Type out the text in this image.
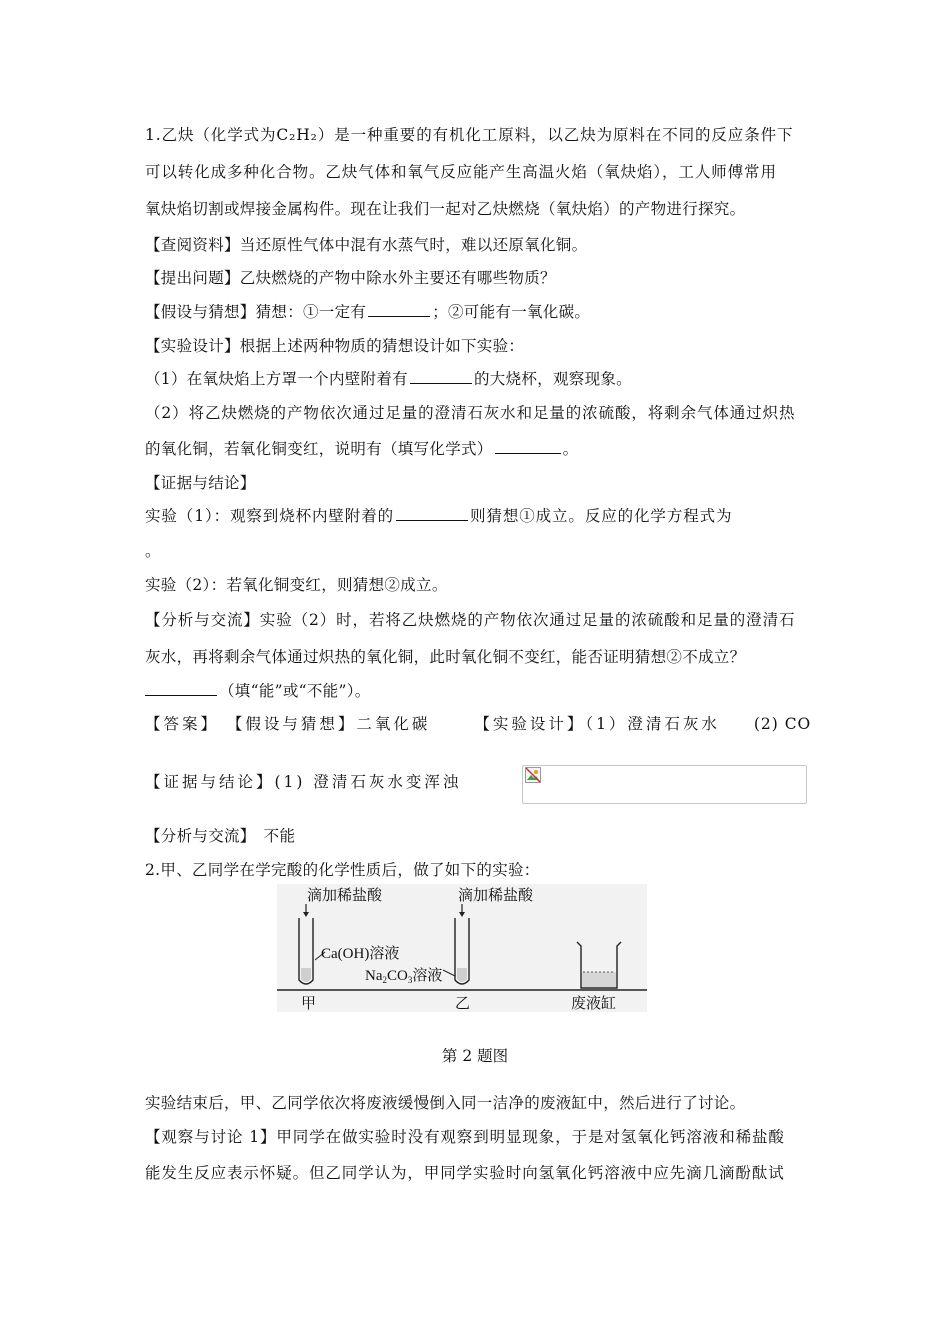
1.乙炔（化学式为C₂H₂）是一种重要的有机化工原料，以乙炔为原料在不同的反应条件下
可以转化成多种化合物。乙炔气体和氧气反应能产生高温火焰（氧炔焰），工人师傅常用
氧炔焰切割或焊接金属构件。现在让我们一起对乙炔燃烧（氧炔焰）的产物进行探究。
【查阅资料】当还原性气体中混有水蒸气时，难以还原氧化铜。
【提出问题】乙炔燃烧的产物中除水外主要还有哪些物质？
【假设与猜想】猜想：①一定有	；②可能有一氧化碳。
【实验设计】根据上述两种物质的猜想设计如下实验：
（1）在氧炔焰上方罩一个内壁附着有	的大烧杯，观察现象。
（2）将乙炔燃烧的产物依次通过足量的澄清石灰水和足量的浓硫酸，将剩余气体通过炽热
的氧化铜，若氧化铜变红，说明有（填写化学式）	。
【证据与结论】
实验（1）：观察到烧杯内壁附着的	则猜想①成立。反应的化学方程式为
。
实验（2）：若氧化铜变红，则猜想②成立。
【分析与交流】实验（2）时，若将乙炔燃烧的产物依次通过足量的浓硫酸和足量的澄清石
灰水，再将剩余气体通过炽热的氧化铜，此时氧化铜不变红，能否证明猜想②不成立？
（填“能”或“不能”）。
【答案】 【假设与猜想】二氧化碳	【实验设计】（1）澄清石灰水 (2) CO
【证据与结论】(1) 澄清石灰水变浑浊
【分析与交流】　不能
2.甲、乙同学在学完酸的化学性质后，做了如下的实验：
滴加稀盐酸
Ca(OH)溶液
甲
滴加稀盐酸
$Na_2CO_3$溶液
乙	废液缸
第 2 题图
实验结束后，甲、乙同学依次将废液缓慢倒入同一洁净的废液缸中，然后进行了讨论。
【观察与讨论 1】甲同学在做实验时没有观察到明显现象，于是对氢氧化钙溶液和稀盐酸
能发生反应表示怀疑。但乙同学认为，甲同学实验时向氢氧化钙溶液中应先滴几滴酚酞试
